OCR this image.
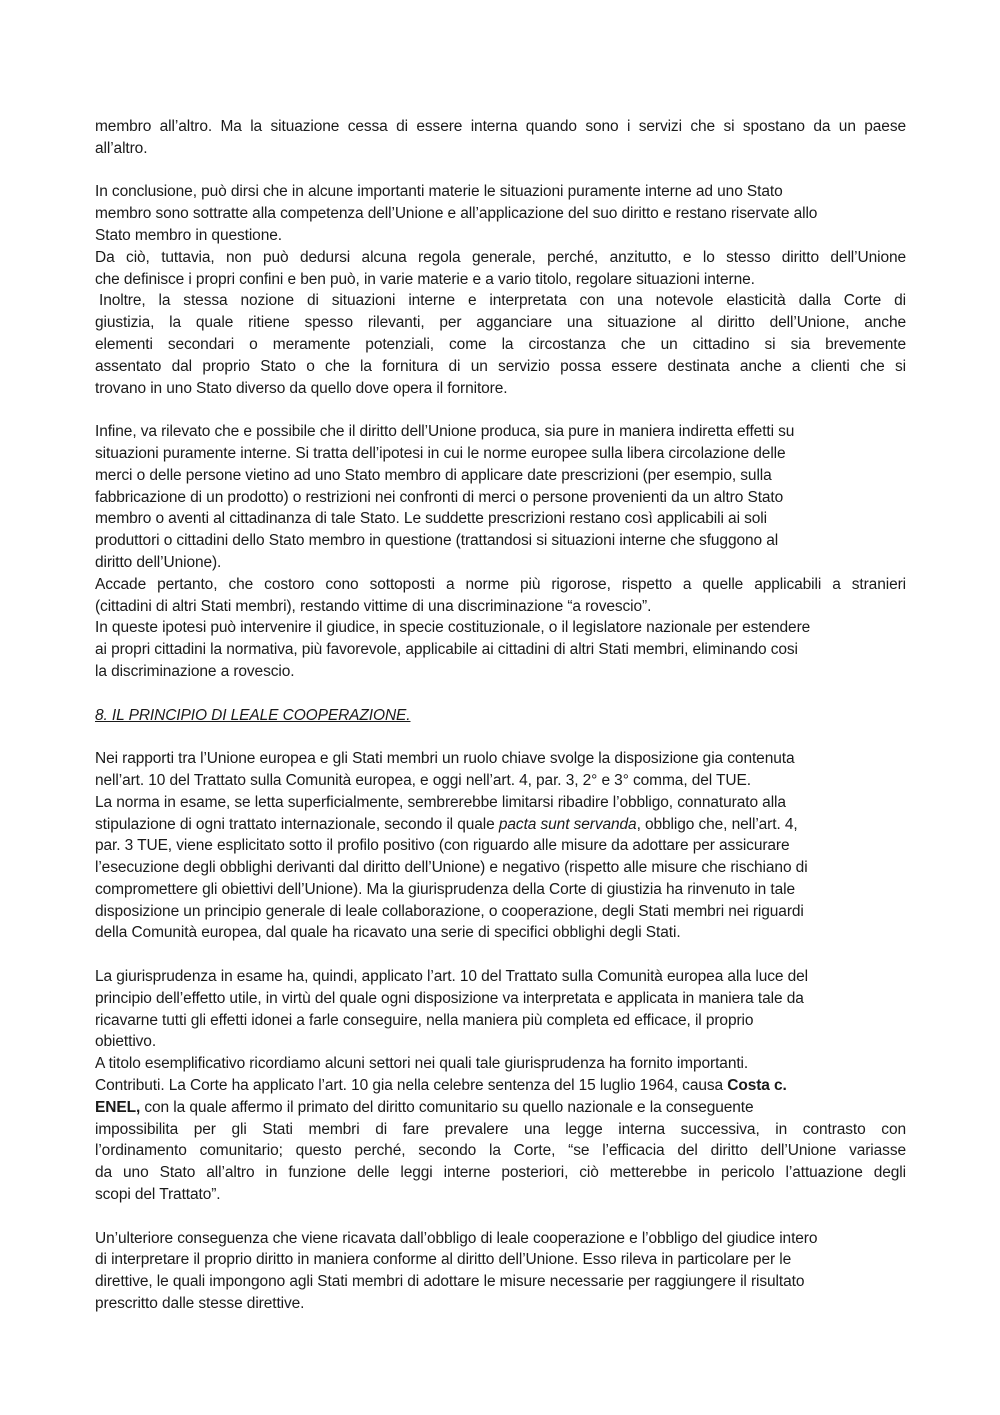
membro all’altro. Ma la situazione cessa di essere interna quando sono i servizi che si spostano da un paese

all’altro.

In conclusione, può dirsi che in alcune importanti materie le situazioni puramente interne ad uno Stato

membro sono sottratte alla competenza dell’Unione e all’applicazione del suo diritto e restano riservate allo

Stato membro in questione.

Da ciò, tuttavia, non può dedursi alcuna regola generale, perché, anzitutto, e lo stesso diritto dell’Unione

che definisce i propri confini e ben può, in varie materie e a vario titolo, regolare situazioni interne.

Inoltre, la stessa nozione di situazioni interne e interpretata con una notevole elasticità dalla Corte di

giustizia, la quale ritiene spesso rilevanti, per agganciare una situazione al diritto dell’Unione, anche

elementi secondari o meramente potenziali, come la circostanza che un cittadino si sia brevemente

assentato dal proprio Stato o che la fornitura di un servizio possa essere destinata anche a clienti che si

trovano in uno Stato diverso da quello dove opera il fornitore.

Infine, va rilevato che e possibile che il diritto dell’Unione produca, sia pure in maniera indiretta effetti su

situazioni puramente interne. Si tratta dell’ipotesi in cui le norme europee sulla libera circolazione delle

merci o delle persone vietino ad uno Stato membro di applicare date prescrizioni (per esempio, sulla

fabbricazione di un prodotto) o restrizioni nei confronti di merci o persone provenienti da un altro Stato

membro o aventi al cittadinanza di tale Stato. Le suddette prescrizioni restano così applicabili ai soli

produttori o cittadini dello Stato membro in questione (trattandosi si situazioni interne che sfuggono al

diritto dell’Unione).

Accade pertanto, che costoro cono sottoposti a norme più rigorose, rispetto a quelle applicabili a stranieri

(cittadini di altri Stati membri), restando vittime di una discriminazione “a rovescio”.

In queste ipotesi può intervenire il giudice, in specie costituzionale, o il legislatore nazionale per estendere

ai propri cittadini la normativa, più favorevole, applicabile ai cittadini di altri Stati membri, eliminando cosi

la discriminazione a rovescio.

8. IL PRINCIPIO DI LEALE COOPERAZIONE.

Nei rapporti tra l’Unione europea e gli Stati membri un ruolo chiave svolge la disposizione gia contenuta

nell’art. 10 del Trattato sulla Comunità europea, e oggi nell’art. 4, par. 3, 2° e 3° comma, del TUE.

La norma in esame, se letta superficialmente, sembrerebbe limitarsi ribadire l’obbligo, connaturato alla

stipulazione di ogni trattato internazionale, secondo il quale pacta sunt servanda, obbligo che, nell’art. 4,

par. 3 TUE, viene esplicitato sotto il profilo positivo (con riguardo alle misure da adottare per assicurare

l’esecuzione degli obblighi derivanti dal diritto dell’Unione) e negativo (rispetto alle misure che rischiano di

compromettere gli obiettivi dell’Unione). Ma la giurisprudenza della Corte di giustizia ha rinvenuto in tale

disposizione un principio generale di leale collaborazione, o cooperazione, degli Stati membri nei riguardi

della Comunità europea, dal quale ha ricavato una serie di specifici obblighi degli Stati.

La giurisprudenza in esame ha, quindi, applicato l’art. 10 del Trattato sulla Comunità europea alla luce del

principio dell’effetto utile, in virtù del quale ogni disposizione va interpretata e applicata in maniera tale da

ricavarne tutti gli effetti idonei a farle conseguire, nella maniera più completa ed efficace, il proprio

obiettivo.

A titolo esemplificativo ricordiamo alcuni settori nei quali tale giurisprudenza ha fornito importanti.

Contributi. La Corte ha applicato l’art. 10 gia nella celebre sentenza del 15 luglio 1964, causa Costa c.

ENEL, con la quale affermo il primato del diritto comunitario su quello nazionale e la conseguente

impossibilita per gli Stati membri di fare prevalere una legge interna successiva, in contrasto con

l’ordinamento comunitario; questo perché, secondo la Corte, “se l’efficacia del diritto dell’Unione variasse

da uno Stato all’altro in funzione delle leggi interne posteriori, ciò metterebbe in pericolo l’attuazione degli

scopi del Trattato”.

Un’ulteriore conseguenza che viene ricavata dall’obbligo di leale cooperazione e l’obbligo del giudice intero

di interpretare il proprio diritto in maniera conforme al diritto dell’Unione. Esso rileva in particolare per le

direttive, le quali impongono agli Stati membri di adottare le misure necessarie per raggiungere il risultato

prescritto dalle stesse direttive.
